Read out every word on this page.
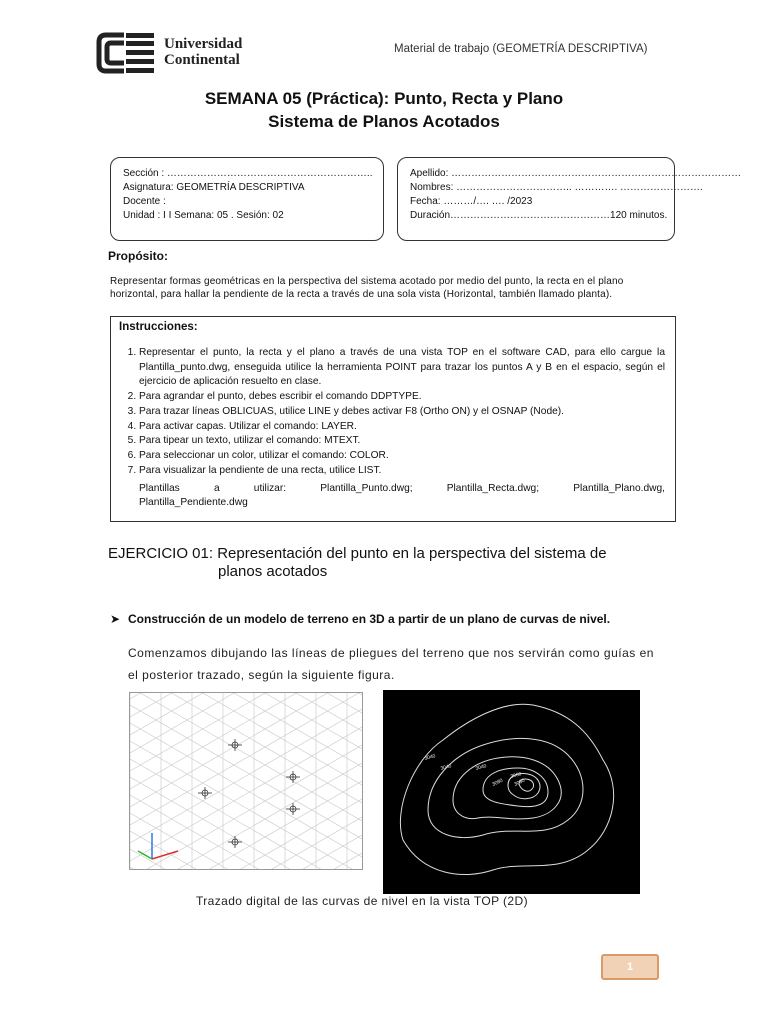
Universidad
Continental
Material de trabajo (GEOMETRÍA DESCRIPTIVA)
SEMANA 05 (Práctica): Punto, Recta y Plano
Sistema de Planos Acotados
Sección : ……………………………………………………..
Asignatura: GEOMETRÍA DESCRIPTIVA
Docente :
Unidad : I I Semana: 05 . Sesión: 02
Apellido: ……………………………………………………………………………
Nombres: …………………………….. …………. …………………….
Fecha: ………/…. …. /2023
Duración…………………………………………120 minutos.
Propósito:
Representar formas geométricas en la perspectiva del sistema acotado por medio del punto, la recta en el plano horizontal, para hallar la pendiente de la recta a través de una sola vista (Horizontal, también llamado planta).
Instrucciones:
1. Representar el punto, la recta y el plano a través de una vista TOP en el software CAD, para ello cargue la Plantilla_punto.dwg, enseguida utilice la herramienta POINT para trazar los puntos A y B en el espacio, según el ejercicio de aplicación resuelto en clase.
2. Para agrandar el punto, debes escribir el comando DDPTYPE.
3. Para trazar líneas OBLICUAS, utilice LINE y debes activar F8 (Ortho ON) y el OSNAP (Node).
4. Para activar capas. Utilizar el comando: LAYER.
5. Para tipear un texto, utilizar el comando: MTEXT.
6. Para seleccionar un color, utilizar el comando: COLOR.
7. Para visualizar la pendiente de una recta, utilice LIST.
Plantillas a utilizar: Plantilla_Punto.dwg; Plantilla_Recta.dwg; Plantilla_Plano.dwg,
Plantilla_Pendiente.dwg
EJERCICIO 01: Representación del punto en la perspectiva del sistema de
planos acotados
➤ Construcción de un modelo de terreno en 3D a partir de un plano de curvas de nivel.
Comenzamos dibujando las líneas de pliegues del terreno que nos servirán como guías en el posterior trazado, según la siguiente figura.
3040
3040	3040
3060
3080 3080
Trazado digital de las curvas de nivel en la vista TOP (2D)
1
